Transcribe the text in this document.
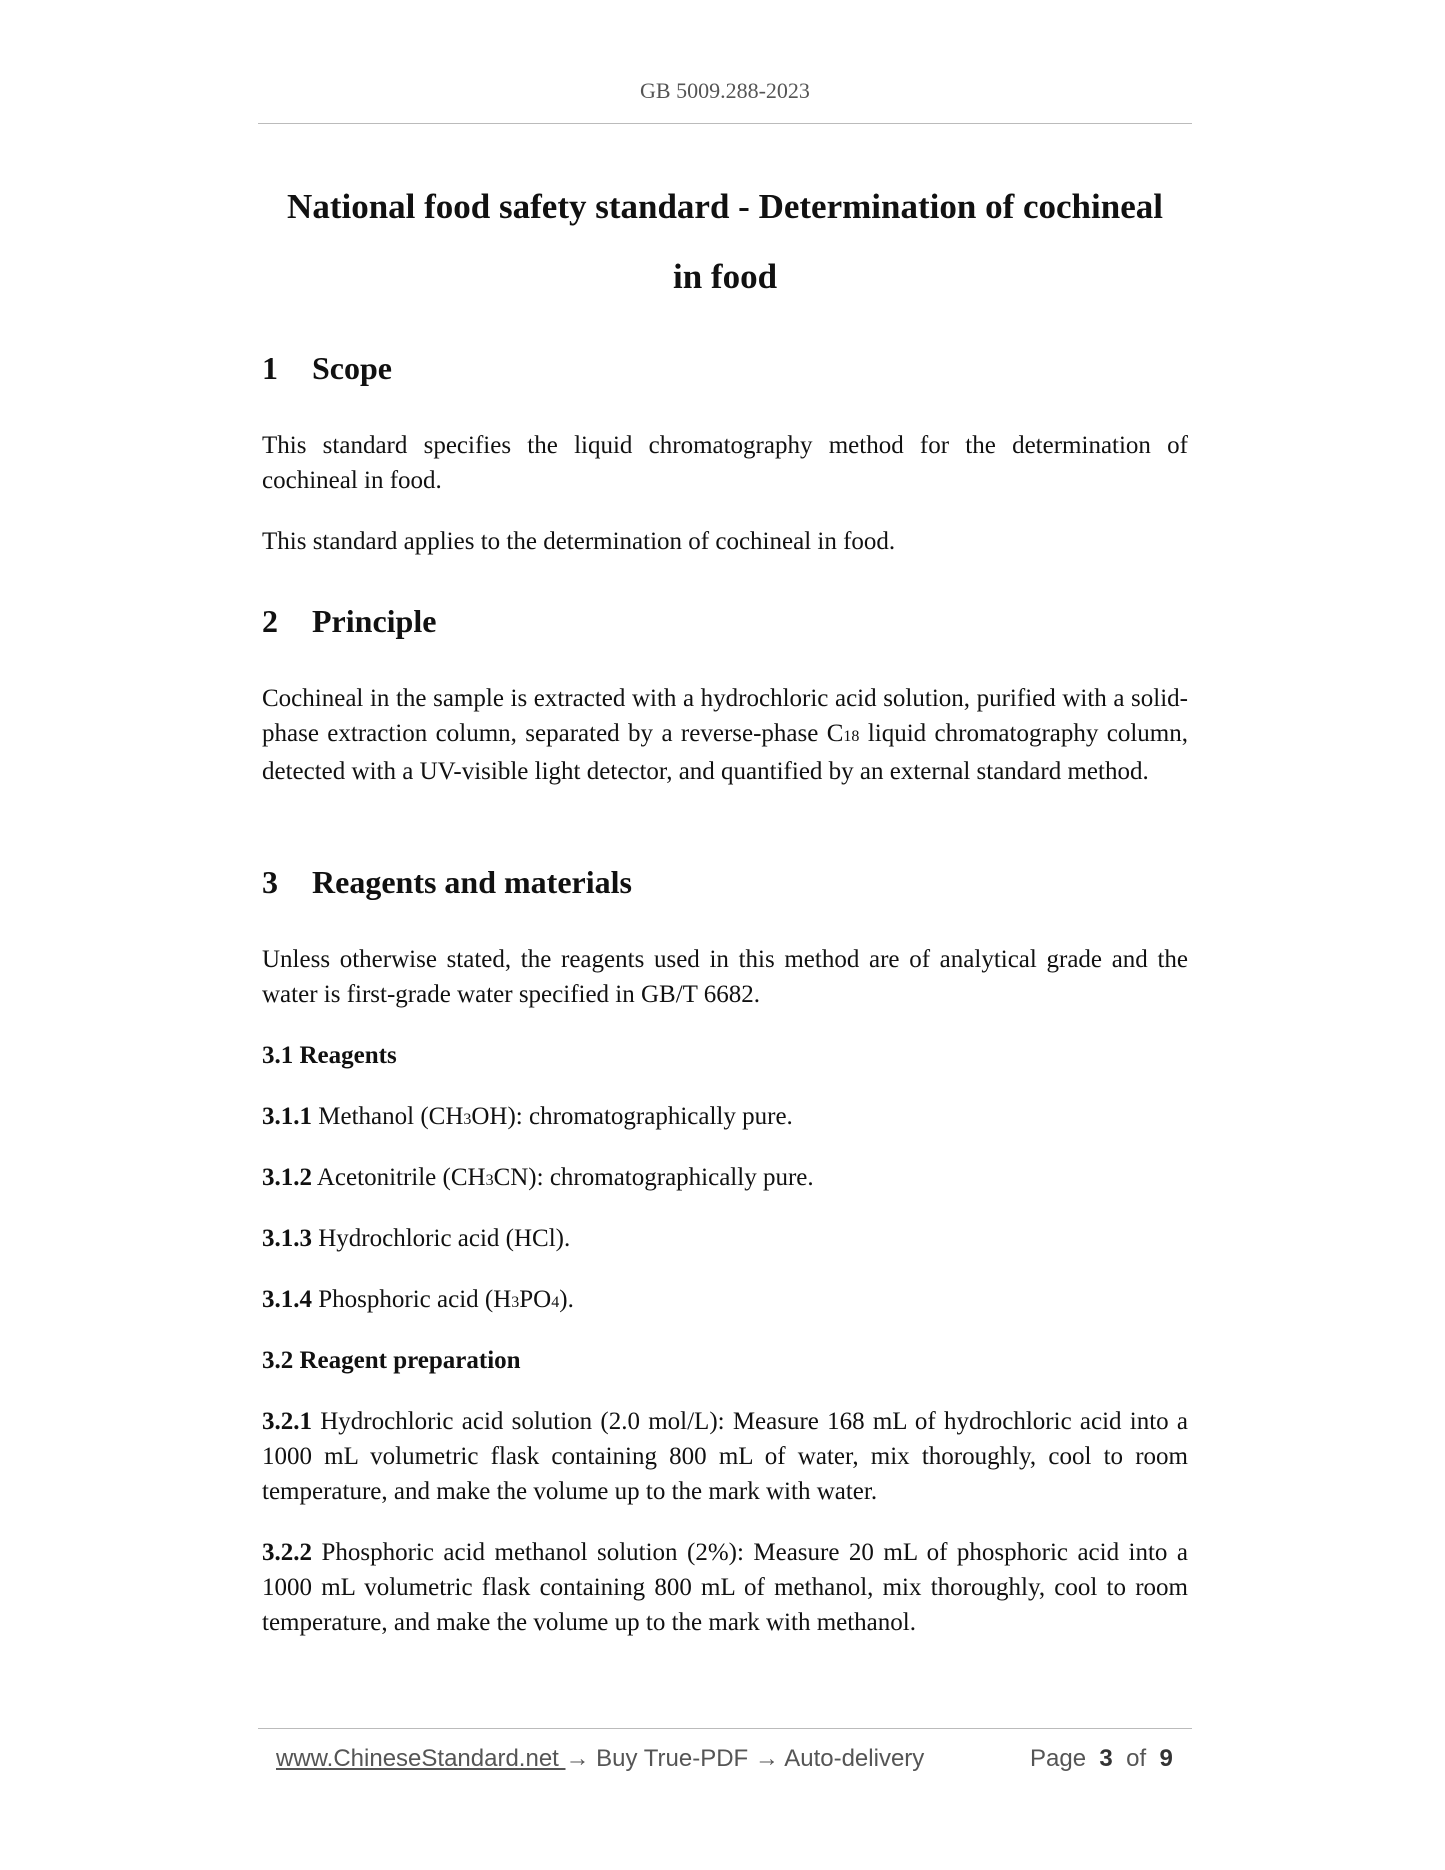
GB 5009.288-2023
National food safety standard - Determination of cochineal
in food
1 Scope
This standard specifies the liquid chromatography method for the determination of cochineal in food.
This standard applies to the determination of cochineal in food.
2 Principle
Cochineal in the sample is extracted with a hydrochloric acid solution, purified with a solid-phase extraction column, separated by a reverse-phase C18 liquid chromatography column, detected with a UV-visible light detector, and quantified by an external standard method.
3 Reagents and materials
Unless otherwise stated, the reagents used in this method are of analytical grade and the water is first-grade water specified in GB/T 6682.
3.1 Reagents
3.1.1 Methanol (CH3OH): chromatographically pure.
3.1.2 Acetonitrile (CH3CN): chromatographically pure.
3.1.3 Hydrochloric acid (HCl).
3.1.4 Phosphoric acid (H3PO4).
3.2 Reagent preparation
3.2.1 Hydrochloric acid solution (2.0 mol/L): Measure 168 mL of hydrochloric acid into a 1000 mL volumetric flask containing 800 mL of water, mix thoroughly, cool to room temperature, and make the volume up to the mark with water.
3.2.2 Phosphoric acid methanol solution (2%): Measure 20 mL of phosphoric acid into a 1000 mL volumetric flask containing 800 mL of methanol, mix thoroughly, cool to room temperature, and make the volume up to the mark with methanol.
www.ChineseStandard.net → Buy True-PDF → Auto-delivery	Page 3 of 9
